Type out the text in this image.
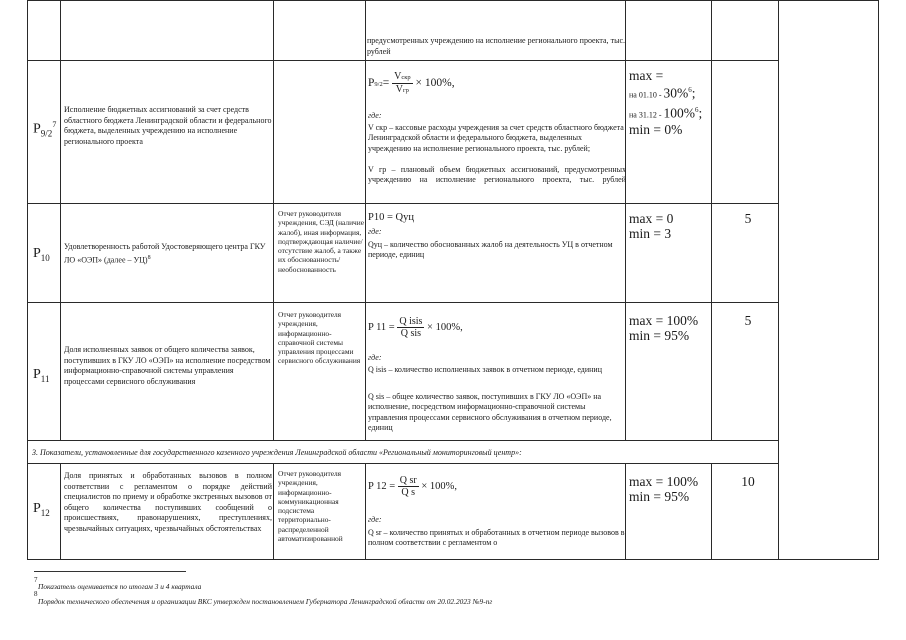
предусмотренных учреждению на исполнение регионального проекта, тыс. рублей
$P_{9/2}^7$
Исполнение бюджетных ассигнований за счет средств областного бюджета Ленинградской области и федерального бюджета, выделенных учреждению на исполнение регионального проекта
$P9/2= \frac{\text{Vскр}}{\text{Vгр}} \times 100\%$,
где:
V скр – кассовые расходы учреждения за счет средств областного бюджета Ленинградской области и федерального бюджета, выделенных учреждению на исполнение регионального проекта, тыс. рублей;
V гр – плановый объем бюджетных ассигнований, предусмотренных учреждению на исполнение регионального проекта, тыс. рублей
max =
на 01.10 - 30%$^6$;
на 31.12 - 100%$^6$;
min = 0%
$P_{10}$
Удовлетворенность работой Удостоверяющего центра ГКУ ЛО «ОЭП» (далее – УЦ)$^8$
Отчет руководителя учреждения, СЭД (наличие жалоб), иная информация, подтверждающая наличие/отсутствие жалоб, а также их обоснованность/необоснованность
P10 = Qуц
где:
Qуц – количество обоснованных жалоб на деятельность УЦ в отчетном периоде, единиц
max = 0
min = 3
5
$P_{11}$
Доля исполненных заявок от общего количества заявок, поступивших в ГКУ ЛО «ОЭП» на исполнение посредством информационно-справочной системы управления процессами сервисного обслуживания
Отчет руководителя учреждения, информационно-справочной системы управления процессами сервисного обслуживания
P $11 = \frac{\text{Q isis}}{\text{Q sis}} \times 100\%$,
где:
Q isis – количество исполненных заявок в отчетном периоде, единиц
Q sis – общее количество заявок, поступивших в ГКУ ЛО «ОЭП» на исполнение, посредством информационно-справочной системы управления процессами сервисного обслуживания в отчетном периоде, единиц
max = 100%
min = 95%
5
3. Показатели, установленные для государственного казенного учреждения Ленинградской области «Региональный мониторинговый центр»:
$P_{12}$
Доля принятых и обработанных вызовов в полном соответствии с регламентом о порядке действий специалистов по приему и обработке экстренных вызовов от общего количества поступивших сообщений о происшествиях, правонарушениях, преступлениях, чрезвычайных ситуациях, чрезвычайных обстоятельствах
Отчет руководителя учреждения, информационно-коммуникационная подсистема территориально-распределенной автоматизированной
P $12 = \frac{\text{Q sr}}{\text{Q s}} \times 100\%$,
где:
Q sr – количество принятых и обработанных в отчетном периоде вызовов в полном соответствии с регламентом о
max = 100%
min = 95%
10
7
Показатель оценивается по итогам 3 и 4 квартала
8
Порядок технического обеспечения и организации ВКС утвержден постановлением Губернатора Ленинградской области от 20.02.2023 №9-пг
